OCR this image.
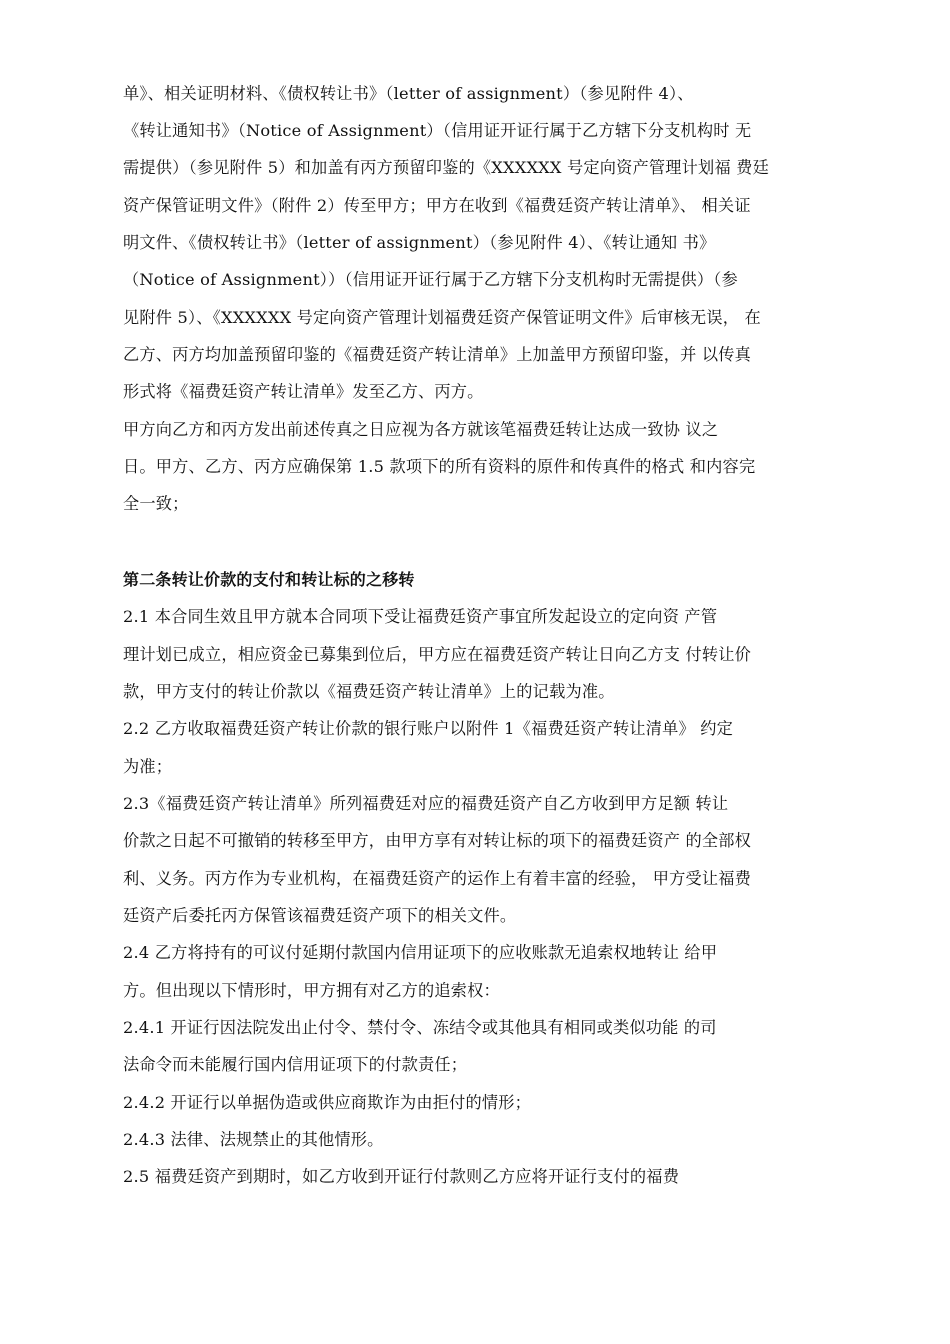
单》、相关证明材料、《债权转让书》（letter of assignment）（参见附件 4）、
《转让通知书》（Notice of Assignment）（信用证开证行属于乙方辖下分支机构时 无
需提供）（参见附件 5）和加盖有丙方预留印鉴的《XXXXXX 号定向资产管理计划福 费廷
资产保管证明文件》（附件 2）传至甲方；甲方在收到《福费廷资产转让清单》、 相关证
明文件、《债权转让书》（letter of assignment）（参见附件 4）、《转让通知 书》
（Notice of Assignment））（信用证开证行属于乙方辖下分支机构时无需提供）（参
见附件 5）、《XXXXXX 号定向资产管理计划福费廷资产保管证明文件》后审核无误， 在
乙方、丙方均加盖预留印鉴的《福费廷资产转让清单》上加盖甲方预留印鉴，并 以传真
形式将《福费廷资产转让清单》发至乙方、丙方。
甲方向乙方和丙方发出前述传真之日应视为各方就该笔福费廷转让达成一致协 议之
日。甲方、乙方、丙方应确保第 1.5 款项下的所有资料的原件和传真件的格式 和内容完
全一致；
第二条转让价款的支付和转让标的之移转
2.1 本合同生效且甲方就本合同项下受让福费廷资产事宜所发起设立的定向资 产管
理计划已成立，相应资金已募集到位后，甲方应在福费廷资产转让日向乙方支 付转让价
款，甲方支付的转让价款以《福费廷资产转让清单》上的记载为准。
2.2 乙方收取福费廷资产转让价款的银行账户以附件 1《福费廷资产转让清单》 约定
为准；
2.3《福费廷资产转让清单》所列福费廷对应的福费廷资产自乙方收到甲方足额 转让
价款之日起不可撤销的转移至甲方，由甲方享有对转让标的项下的福费廷资产 的全部权
利、义务。丙方作为专业机构，在福费廷资产的运作上有着丰富的经验， 甲方受让福费
廷资产后委托丙方保管该福费廷资产项下的相关文件。
2.4 乙方将持有的可议付延期付款国内信用证项下的应收账款无追索权地转让 给甲
方。但出现以下情形时，甲方拥有对乙方的追索权：
2.4.1 开证行因法院发出止付令、禁付令、冻结令或其他具有相同或类似功能 的司
法命令而未能履行国内信用证项下的付款责任；
2.4.2 开证行以单据伪造或供应商欺诈为由拒付的情形；
2.4.3 法律、法规禁止的其他情形。
2.5 福费廷资产到期时，如乙方收到开证行付款则乙方应将开证行支付的福费
